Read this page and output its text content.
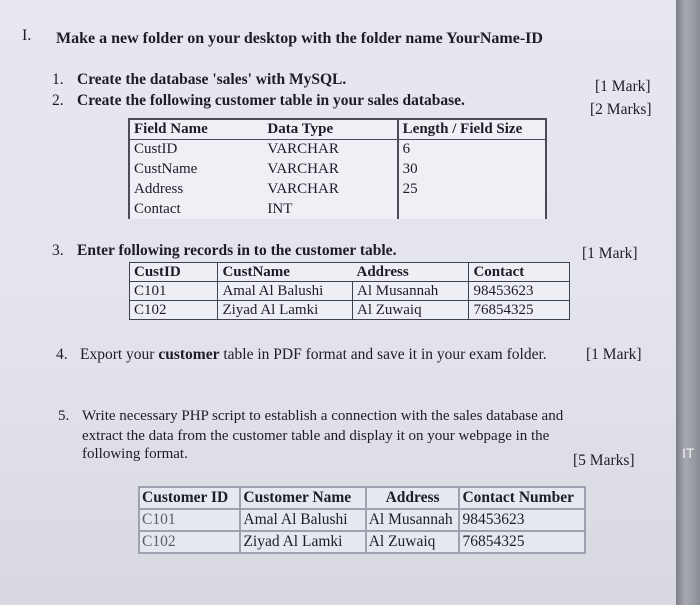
I. Make a new folder on your desktop with the folder name YourName-ID
1. Create the database 'sales' with MySQL.	[1 Mark]
2. Create the following customer table in your sales database.
[2 Marks]
Field Name	Data Type	Length / Field Size
CustID	VARCHAR	6
CustName	VARCHAR	30
Address	VARCHAR	25
Contact	INT	
3. Enter following records in to the customer table.	[1 Mark]
CustID	CustName	Address	Contact
C101	Amal Al Balushi	Al Musannah	98453623
C102	Ziyad Al Lamki	Al Zuwaiq	76854325
4. Export your customer table in PDF format and save it in your exam folder.	[1 Mark]
5. Write necessary PHP script to establish a connection with the sales database and
extract the data from the customer table and display it on your webpage in the
following format.	[5 Marks]
Customer ID	Customer Name	Address	Contact Number
C101	Amal Al Balushi	Al Musannah	98453623
C102	Ziyad Al Lamki	Al Zuwaiq	76854325
IT
